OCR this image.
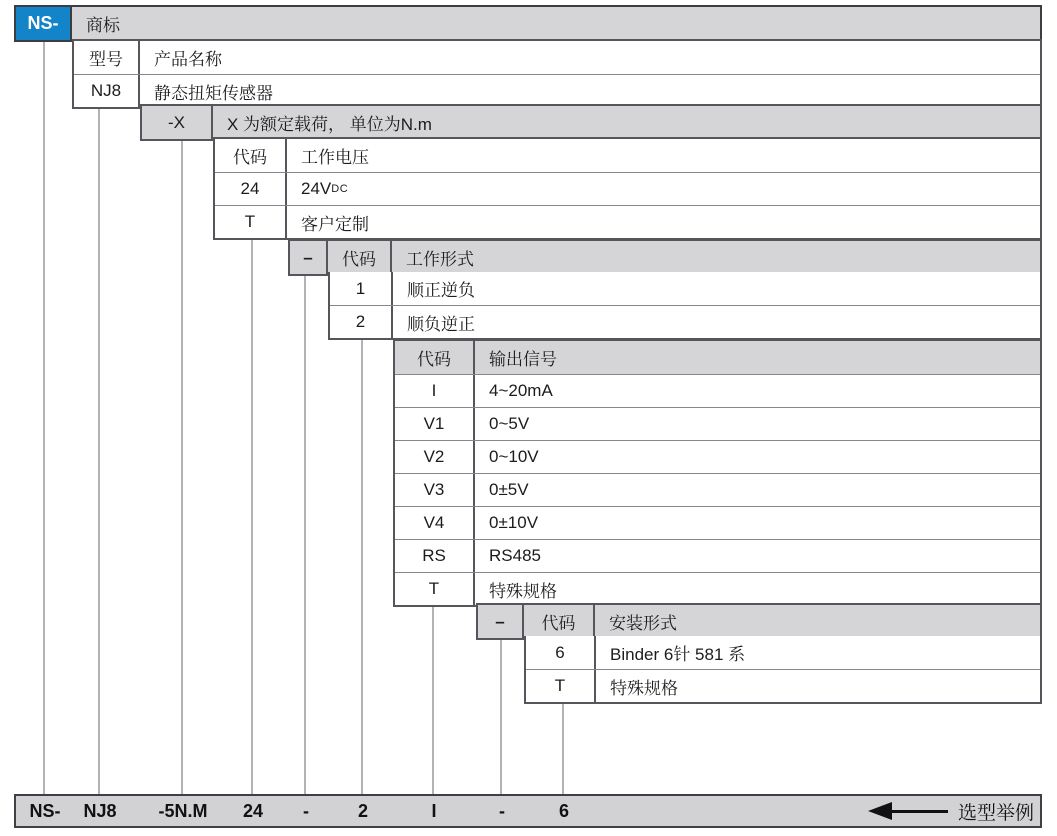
NS-	商标
型号	产品名称
NJ8	静态扭矩传感器
-X	X 为额定载荷， 单位为N.m
代码	工作电压
24	24V DC
T	客户定制
–	代码	工作形式
1	顺正逆负
2	顺负逆正
代码	输出信号
I	4~20mA
V1	0~5V
V2	0~10V
V3	0±5V
V4	0±10V
RS	RS485
T	特殊规格
–	代码	安装形式
6	Binder 6针 581 系
T	特殊规格
NS- NJ8 -5N.M 24 -	2	I	-	6	选型举例
